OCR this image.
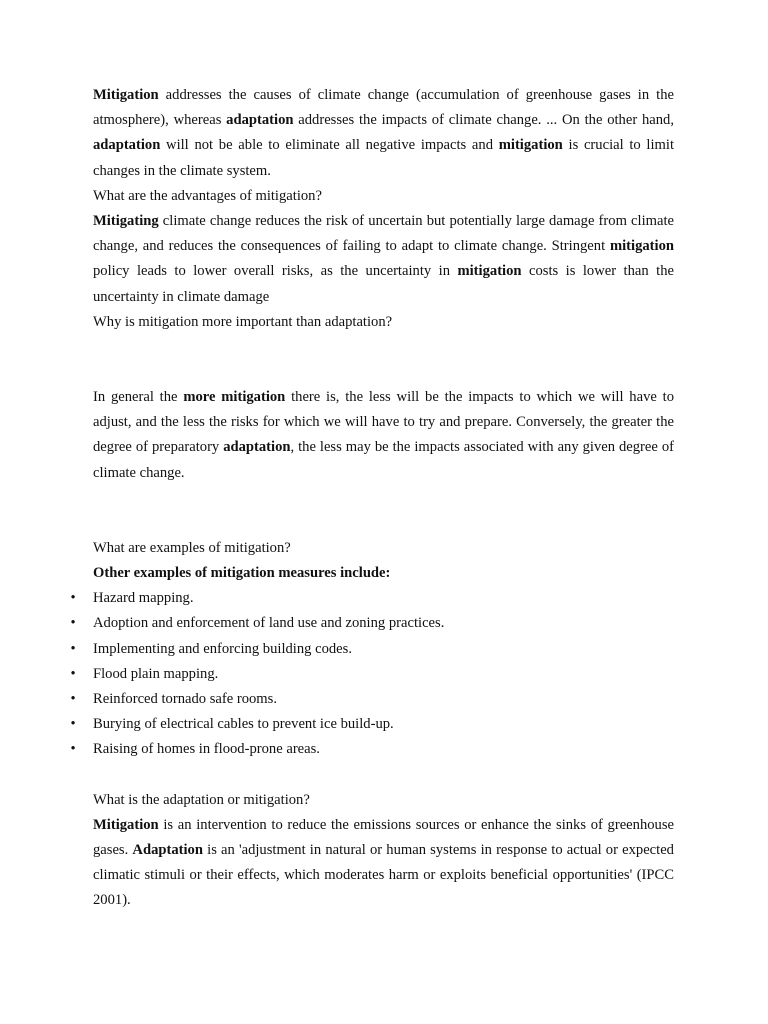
Mitigation addresses the causes of climate change (accumulation of greenhouse gases in the atmosphere), whereas adaptation addresses the impacts of climate change. ... On the other hand, adaptation will not be able to eliminate all negative impacts and mitigation is crucial to limit changes in the climate system.

What are the advantages of mitigation?

Mitigating climate change reduces the risk of uncertain but potentially large damage from climate change, and reduces the consequences of failing to adapt to climate change. Stringent mitigation policy leads to lower overall risks, as the uncertainty in mitigation costs is lower than the uncertainty in climate damage

Why is mitigation more important than adaptation?

In general the more mitigation there is, the less will be the impacts to which we will have to adjust, and the less the risks for which we will have to try and prepare. Conversely, the greater the degree of preparatory adaptation, the less may be the impacts associated with any given degree of climate change.

What are examples of mitigation?

Other examples of mitigation measures include:

• Hazard mapping.
• Adoption and enforcement of land use and zoning practices.
• Implementing and enforcing building codes.
• Flood plain mapping.
• Reinforced tornado safe rooms.
• Burying of electrical cables to prevent ice build-up.
• Raising of homes in flood-prone areas.

What is the adaptation or mitigation?

Mitigation is an intervention to reduce the emissions sources or enhance the sinks of greenhouse gases. Adaptation is an 'adjustment in natural or human systems in response to actual or expected climatic stimuli or their effects, which moderates harm or exploits beneficial opportunities' (IPCC 2001).
